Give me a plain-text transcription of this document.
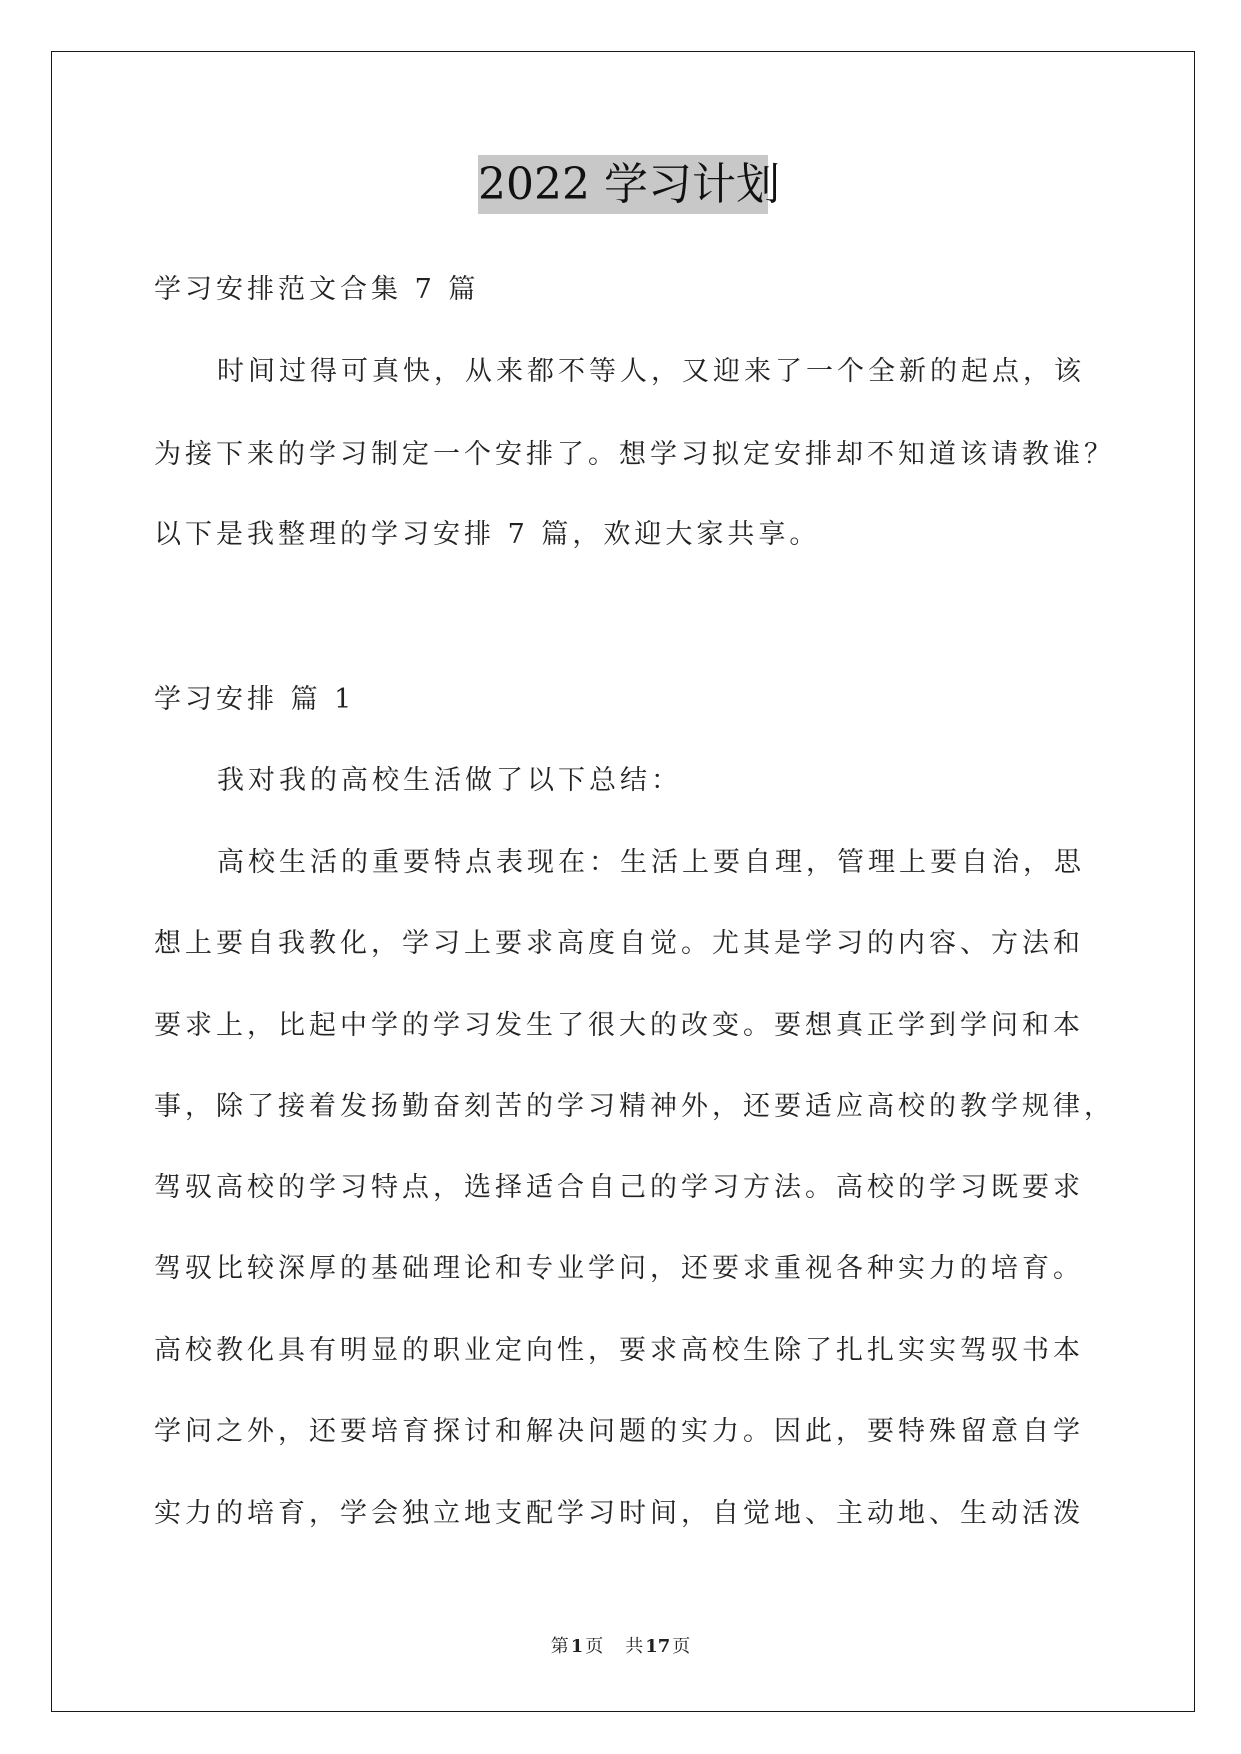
2022 学习计划
学习安排范文合集 7 篇
时间过得可真快，从来都不等人，又迎来了一个全新的起点，该
为接下来的学习制定一个安排了。想学习拟定安排却不知道该请教谁？
以下是我整理的学习安排 7 篇，欢迎大家共享。
学习安排 篇 1
我对我的高校生活做了以下总结：
高校生活的重要特点表现在：生活上要自理，管理上要自治，思
想上要自我教化，学习上要求高度自觉。尤其是学习的内容、方法和
要求上，比起中学的学习发生了很大的改变。要想真正学到学问和本
事，除了接着发扬勤奋刻苦的学习精神外，还要适应高校的教学规律，
驾驭高校的学习特点，选择适合自己的学习方法。高校的学习既要求
驾驭比较深厚的基础理论和专业学问，还要求重视各种实力的培育。
高校教化具有明显的职业定向性，要求高校生除了扎扎实实驾驭书本
学问之外，还要培育探讨和解决问题的实力。因此，要特殊留意自学
实力的培育，学会独立地支配学习时间，自觉地、主动地、生动活泼
第 1 页 共 17 页
